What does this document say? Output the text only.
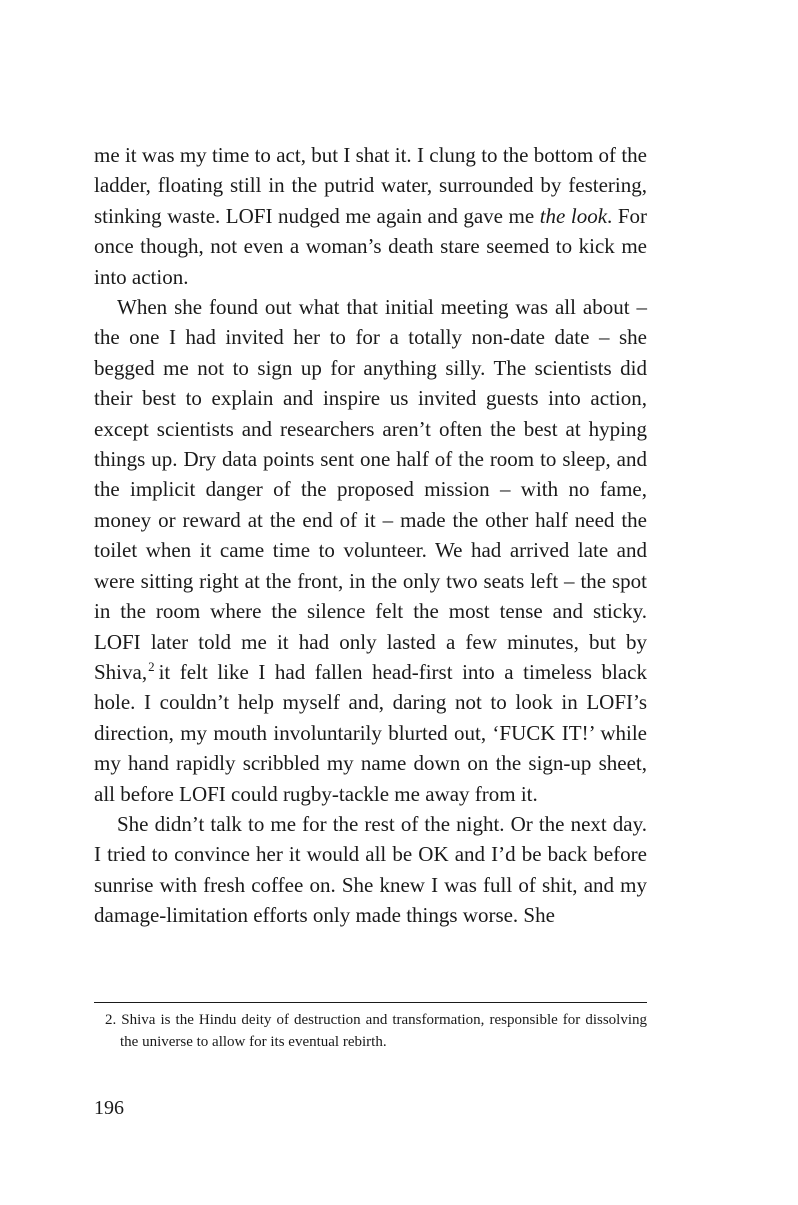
me it was my time to act, but I shat it. I clung to the bottom of the ladder, floating still in the putrid water, surrounded by festering, stinking waste. LOFI nudged me again and gave me the look. For once though, not even a woman’s death stare seemed to kick me into action.

When she found out what that initial meeting was all about – the one I had invited her to for a totally non-date date – she begged me not to sign up for anything silly. The scientists did their best to explain and inspire us invited guests into action, except scientists and researchers aren’t often the best at hyping things up. Dry data points sent one half of the room to sleep, and the implicit danger of the proposed mission – with no fame, money or reward at the end of it – made the other half need the toilet when it came time to volunteer. We had arrived late and were sitting right at the front, in the only two seats left – the spot in the room where the silence felt the most tense and sticky. LOFI later told me it had only lasted a few minutes, but by Shiva,$^2$ it felt like I had fallen head-first into a timeless black hole. I couldn’t help myself and, daring not to look in LOFI’s direction, my mouth involuntarily blurted out, ‘FUCK IT!’ while my hand rapidly scribbled my name down on the sign-up sheet, all before LOFI could rugby-tackle me away from it.

She didn’t talk to me for the rest of the night. Or the next day. I tried to convince her it would all be OK and I’d be back before sunrise with fresh coffee on. She knew I was full of shit, and my damage-limitation efforts only made things worse. She

2. Shiva is the Hindu deity of destruction and transformation, responsible for dissolving the universe to allow for its eventual rebirth.
196
